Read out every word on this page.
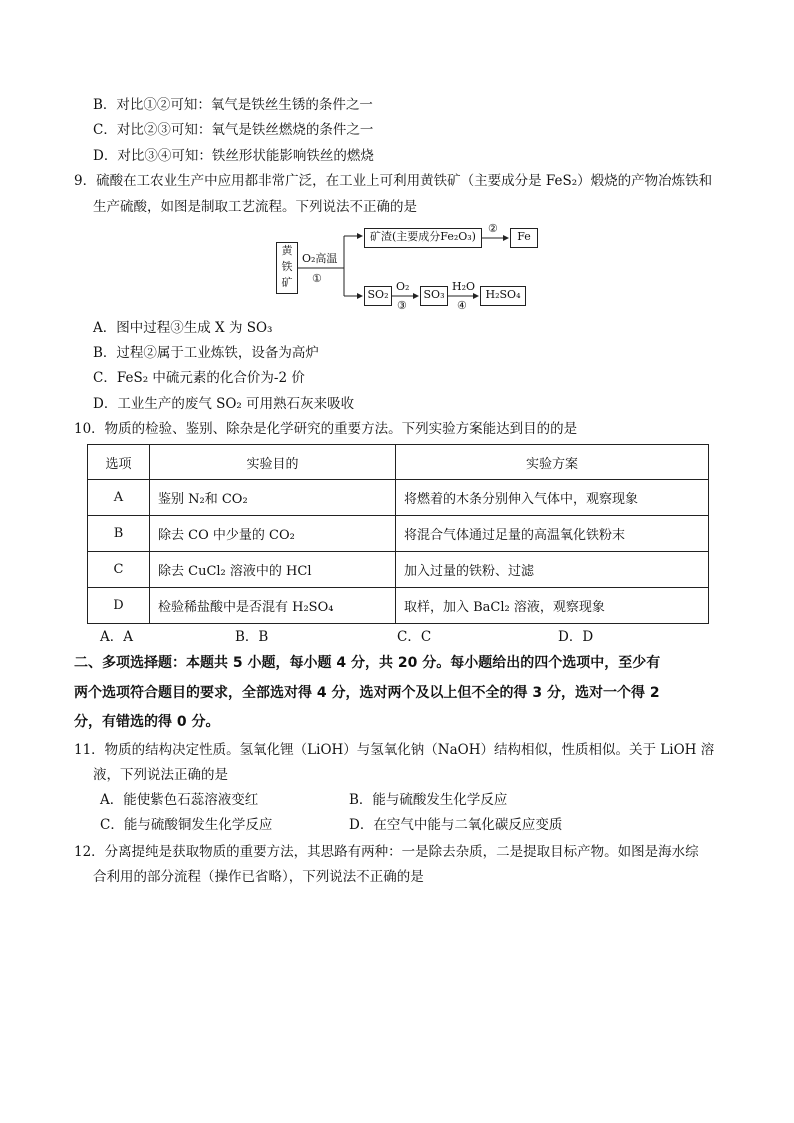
B．对比①②可知：氧气是铁丝生锈的条件之一
C．对比②③可知：氧气是铁丝燃烧的条件之一
D．对比③④可知：铁丝形状能影响铁丝的燃烧
9．硫酸在工农业生产中应用都非常广泛，在工业上可利用黄铁矿（主要成分是 FeS₂）煅烧的产物冶炼铁和
生产硫酸，如图是制取工艺流程。下列说法不正确的是
黄铁矿
O₂高温
①
矿渣(主要成分Fe₂O₃)
②
Fe
SO₂
O₂
③
SO₃
H₂O
④
H₂SO₄
A．图中过程③生成 X 为 SO₃
B．过程②属于工业炼铁，设备为高炉
C．FeS₂ 中硫元素的化合价为-2 价
D．工业生产的废气 SO₂ 可用熟石灰来吸收
10．物质的检验、鉴别、除杂是化学研究的重要方法。下列实验方案能达到目的的是
选项	实验目的	实验方案
A	鉴别 N₂和 CO₂	将燃着的木条分别伸入气体中，观察现象
B	除去 CO 中少量的 CO₂	将混合气体通过足量的高温氧化铁粉末
C	除去 CuCl₂ 溶液中的 HCl	加入过量的铁粉、过滤
D	检验稀盐酸中是否混有 H₂SO₄	取样，加入 BaCl₂ 溶液，观察现象
A．A	B．B	C．C	D．D
二、多项选择题：本题共 5 小题，每小题 4 分，共 20 分。每小题给出的四个选项中，至少有
两个选项符合题目的要求，全部选对得 4 分，选对两个及以上但不全的得 3 分，选对一个得 2
分，有错选的得 0 分。
11．物质的结构决定性质。氢氧化锂（LiOH）与氢氧化钠（NaOH）结构相似，性质相似。关于 LiOH 溶
液，下列说法正确的是
A．能使紫色石蕊溶液变红	B．能与硫酸发生化学反应
C．能与硫酸铜发生化学反应	D．在空气中能与二氧化碳反应变质
12．分离提纯是获取物质的重要方法，其思路有两种：一是除去杂质，二是提取目标产物。如图是海水综
合利用的部分流程（操作已省略），下列说法不正确的是
